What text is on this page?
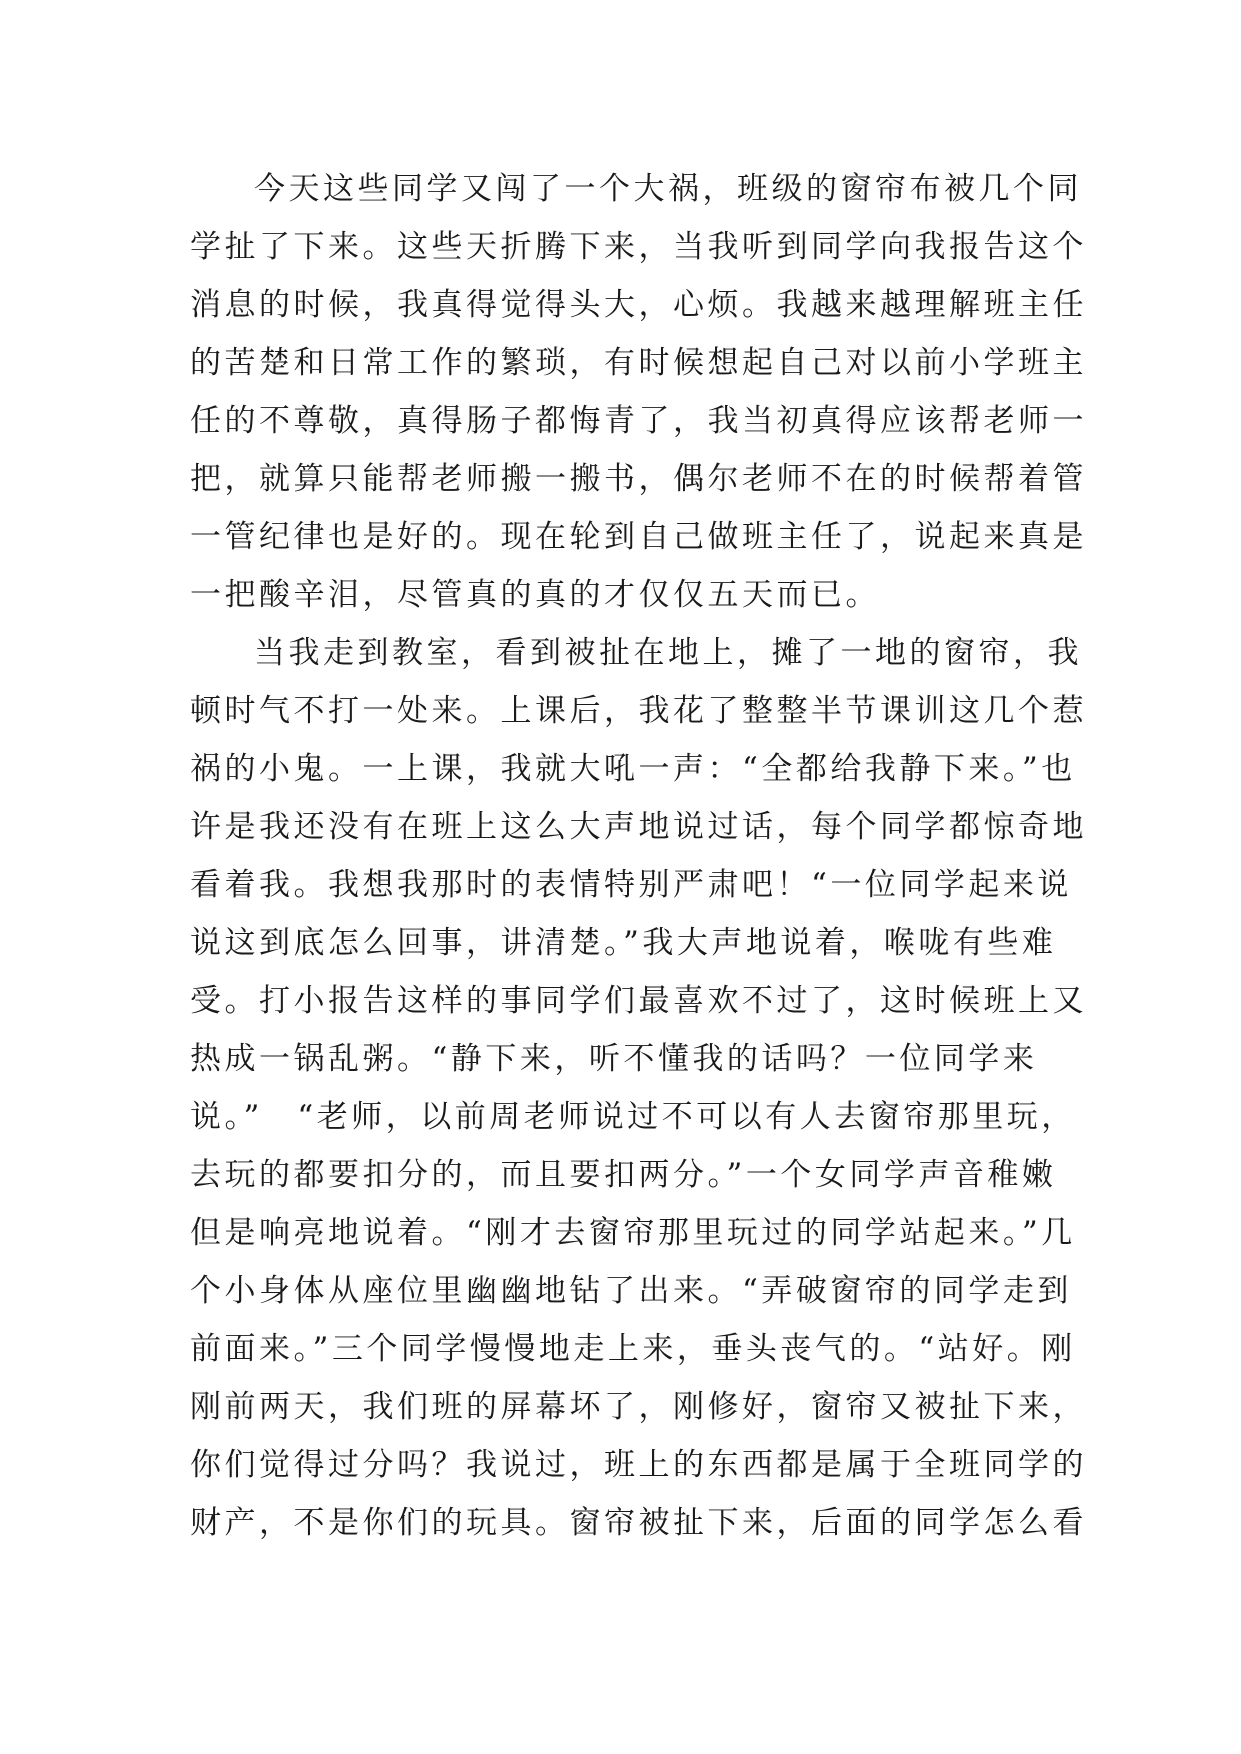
今天这些同学又闯了一个大祸，班级的窗帘布被几个同
学扯了下来。这些天折腾下来，当我听到同学向我报告这个
消息的时候，我真得觉得头大，心烦。我越来越理解班主任
的苦楚和日常工作的繁琐，有时候想起自己对以前小学班主
任的不尊敬，真得肠子都悔青了，我当初真得应该帮老师一
把，就算只能帮老师搬一搬书，偶尔老师不在的时候帮着管
一管纪律也是好的。现在轮到自己做班主任了，说起来真是
一把酸辛泪，尽管真的真的才仅仅五天而已。
当我走到教室，看到被扯在地上，摊了一地的窗帘，我
顿时气不打一处来。上课后，我花了整整半节课训这几个惹
祸的小鬼。一上课，我就大吼一声：“全都给我静下来。”也
许是我还没有在班上这么大声地说过话，每个同学都惊奇地
看着我。我想我那时的表情特别严肃吧！“一位同学起来说
说这到底怎么回事，讲清楚。”我大声地说着，喉咙有些难
受。打小报告这样的事同学们最喜欢不过了，这时候班上又
热成一锅乱粥。“静下来，听不懂我的话吗？一位同学来
说。”　“老师，以前周老师说过不可以有人去窗帘那里玩，
去玩的都要扣分的，而且要扣两分。”一个女同学声音稚嫩
但是响亮地说着。“刚才去窗帘那里玩过的同学站起来。”几
个小身体从座位里幽幽地钻了出来。“弄破窗帘的同学走到
前面来。”三个同学慢慢地走上来，垂头丧气的。“站好。刚
刚前两天，我们班的屏幕坏了，刚修好，窗帘又被扯下来，
你们觉得过分吗？我说过，班上的东西都是属于全班同学的
财产，不是你们的玩具。窗帘被扯下来，后面的同学怎么看
